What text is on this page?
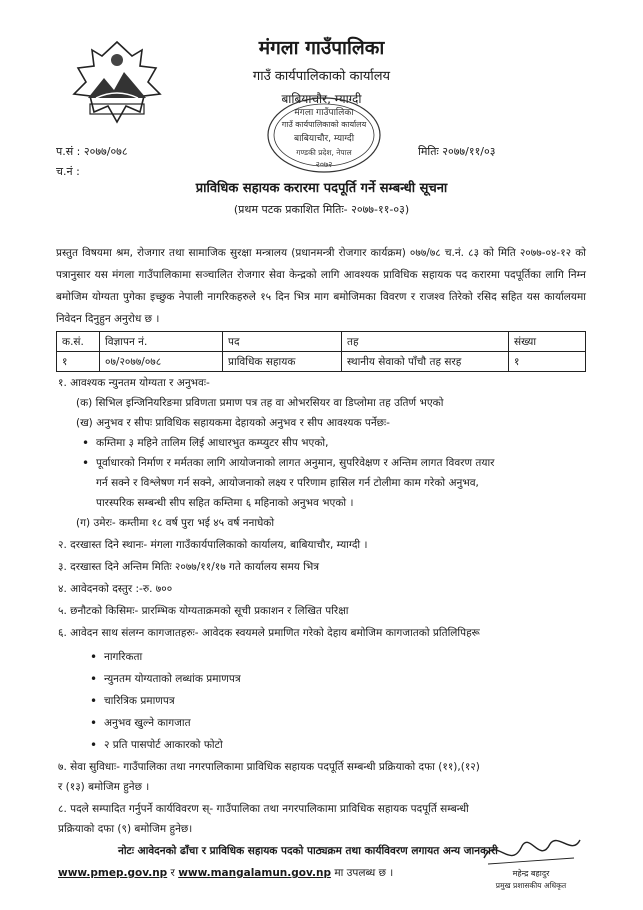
मंगला गाउँपालिका
गाउँ कार्यपालिकाको कार्यालय
बाबियाचौर, म्याग्दी
मंगला गाउँपालिका
गाउँ कार्यपालिकाको कार्यालय
बाबियाचौर, म्याग्दी
गण्डकी प्रदेश, नेपाल
२०७२
प.सं : २०७७/०७८
च.नं :
मितिः २०७७/११/०३
प्राविधिक सहायक करारमा पदपूर्ति गर्ने सम्बन्धी सूचना
(प्रथम पटक प्रकाशित मितिः- २०७७-११-०३)
प्रस्तुत विषयमा श्रम, रोजगार तथा सामाजिक सुरक्षा मन्त्रालय (प्रधानमन्त्री रोजगार कार्यक्रम) ०७७/७८ च.नं. ८३ को मिति २०७७-०४-१२ को पत्रानुसार यस मंगला गाउँपालिकामा सञ्चालित रोजगार सेवा केन्द्रको लागि आवश्यक प्राविधिक सहायक पद करारमा पदपूर्तिका लागि निम्न बमोजिम योग्यता पुगेका इच्छुक नेपाली नागरिकहरुले १५ दिन भित्र माग बमोजिमका विवरण र राजश्व तिरेको रसिद सहित यस कार्यालयमा निवेदन दिनुहुन अनुरोध छ ।
क.सं.	विज्ञापन नं.	पद	तह	संख्या
१	०७/२०७७/०७८	प्राविधिक सहायक	स्थानीय सेवाको पाँचौ तह सरह	१
१. आवश्यक न्युनतम योग्यता र अनुभवः-
(क) सिभिल इन्जिनियरिङमा प्रविणता प्रमाण पत्र तह वा ओभरसियर वा डिप्लोमा तह उतिर्ण भएको
(ख) अनुभव र सीपः प्राविधिक सहायकमा देहायको अनुभव र सीप आवश्यक पर्नेछः-
• कम्तिमा ३ महिने तालिम लिई आधारभुत कम्प्युटर सीप भएको,
• पूर्वाधारको निर्माण र मर्मतका लागि आयोजनाको लागत अनुमान, सुपरिवेक्षण र अन्तिम लागत विवरण तयार
गर्न सक्ने र विश्लेषण गर्न सक्ने, आयोजनाको लक्ष्य र परिणाम हासिल गर्न टोलीमा काम गरेको अनुभव,
पारस्परिक सम्बन्धी सीप सहित कम्तिमा ६ महिनाको अनुभव भएको ।
(ग) उमेरः- कम्तीमा १८ वर्ष पुरा भई ४५ वर्ष ननाघेको
२. दरखास्त दिने स्थानः- मंगला गाउँकार्यपालिकाको कार्यालय, बाबियाचौर, म्याग्दी ।
३. दरखास्त दिने अन्तिम मितिः २०७७/११/१७ गते कार्यालय समय भित्र
४. आवेदनको दस्तुर :-रु. ७००
५. छनौटको किसिमः- प्रारम्भिक योग्यताक्रमको सूची प्रकाशन र लिखित परिक्षा
६. आवेदन साथ संलग्न कागजातहरुः- आवेदक स्वयमले प्रमाणित गरेको देहाय बमोजिम कागजातको प्रतिलिपिहरू
• नागरिकता
• न्युनतम योग्यताको लब्धांक प्रमाणपत्र
• चारित्रिक प्रमाणपत्र
• अनुभव खुल्ने कागजात
• २ प्रति पासपोर्ट आकारको फोटो
७. सेवा सुविधाः- गाउँपालिका तथा नगरपालिकामा प्राविधिक सहायक पदपूर्ति सम्बन्धी प्रक्रियाको दफा (११),(१२)
र (१३) बमोजिम हुनेछ ।
८. पदले सम्पादित गर्नुपर्ने कार्यविवरण स्- गाउँपालिका तथा नगरपालिकामा प्राविधिक सहायक पदपूर्ति सम्बन्धी
प्रक्रियाको दफा (९) बमोजिम हुनेछ।
नोटः आवेदनको ढाँचा र प्राविधिक सहायक पदको पाठ्यक्रम तथा कार्यविवरण लगायत अन्य जानकारी
www.pmep.gov.np र www.mangalamun.gov.np मा उपलब्ध छ ।	महेन्द्र बहादुर
प्रमुख प्रशासकीय अधिकृत
